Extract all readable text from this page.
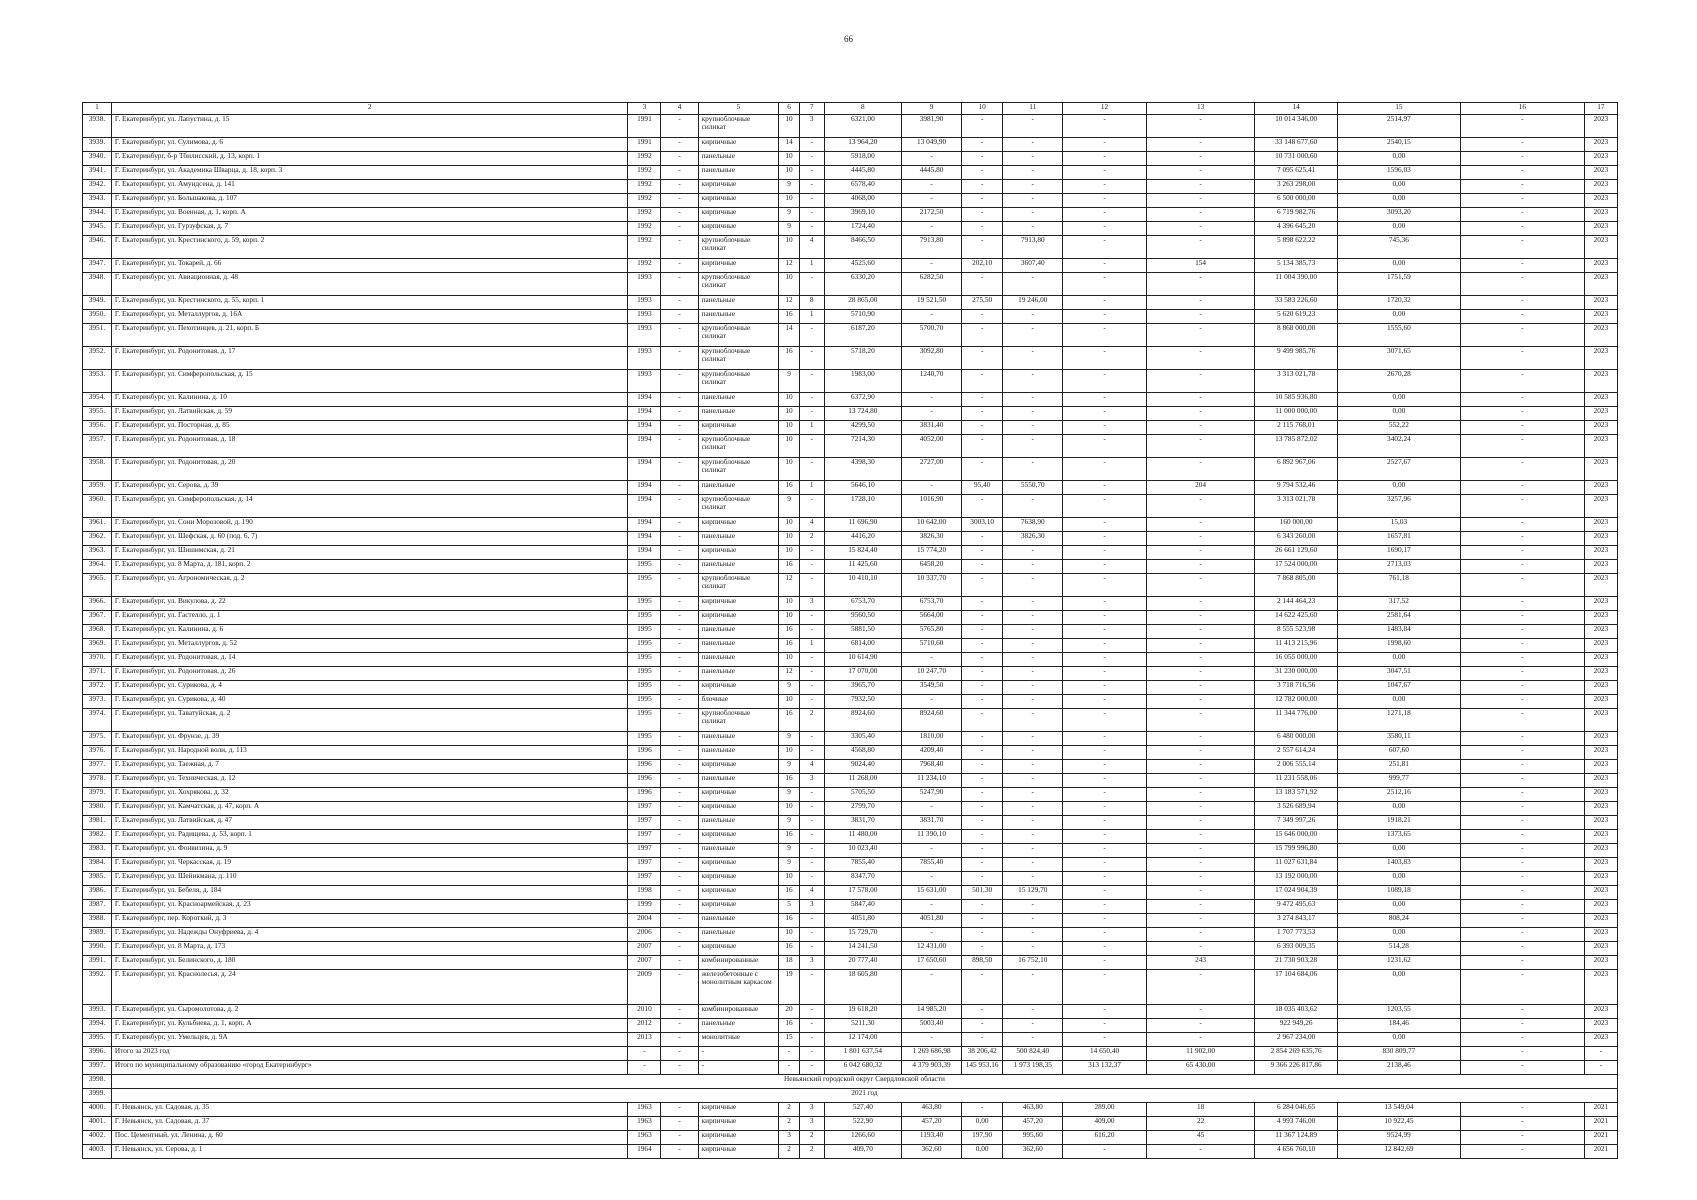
66
1	2	3	4	5	6	7	8	9	10	11	12	13	14	15	16	17
3938.	Г. Екатеринбург, ул. Лапустина, д. 15	1991	-	крупноблочные силикат	10	3	6321,00	3981,90	-	-	-	-	10 014 346,00	2514,97	-	2023
3939.	Г. Екатеринбург, ул. Сулимова, д. 6	1991	-	кирпичные	14	-	13 964,20	13 049,90	-	-	-	-	33 148 677,60	2540,15	-	2023
3940.	Г. Екатеринбург, б-р Тбилисский, д. 13, корп. 1	1992	-	панельные	10	-	5918,00	-	-	-	-	-	10 731 000,60	0,00	-	2023
3941.	Г. Екатеринбург, ул. Академика Шварца, д. 18, корп. 3	1992	-	панельные	10	-	4445,80	4445,80	-	-	-	-	7 095 625,41	1596,03	-	2023
3942.	Г. Екатеринбург, ул. Амундсена, д. 141	1992	-	кирпичные	9	-	6578,40	-	-	-	-	-	3 263 298,00	0,00	-	2023
3943.	Г. Екатеринбург, ул. Большакова, д. 107	1992	-	кирпичные	10	-	4068,00	-	-	-	-	-	6 500 000,00	0,00	-	2023
3944.	Г. Екатеринбург, ул. Военная, д. 1, корп. А	1992	-	кирпичные	9	-	3969,10	2172,50	-	-	-	-	6 719 982,76	3093,20	-	2023
3945.	Г. Екатеринбург, ул. Гурзуфская, д. 7	1992	-	кирпичные	9	-	1724,40	-	-	-	-	-	4 396 645,20	0,00	-	2023
3946.	Г. Екатеринбург, ул. Крестинского, д. 59, корп. 2	1992	-	крупноблочные силикат	10	4	8466,50	7913,80	-	7913,80	-	-	5 898 622,22	745,36	-	2023
3947.	Г. Екатеринбург, ул. Токарей, д. 66	1992	-	кирпичные	12	1	4525,60	-	202,10	3607,40	-	154	5 134 385,73	0,00	-	2023
3948.	Г. Екатеринбург, ул. Авиационная, д. 48	1993	-	крупноблочные силикат	10	-	6330,20	6282,50	-	-	-	-	11 004 390,00	1751,59	-	2023
3949.	Г. Екатеринбург, ул. Крестинского, д. 55, корп. 1	1993	-	панельные	12	8	28 865,00	19 521,50	275,50	19 246,00	-	-	33 583 226,60	1720,32	-	2023
3950.	Г. Екатеринбург, ул. Металлургов, д. 16А	1993	-	панельные	16	1	5710,90	-	-	-	-	-	5 620 619,23	0,00	-	2023
3951.	Г. Екатеринбург, ул. Пехотинцев, д. 21, корп. Б	1993	-	крупноблочные силикат	14	-	6187,20	5700,70	-	-	-	-	8 868 000,00	1555,60	-	2023
3952.	Г. Екатеринбург, ул. Родонитовая, д. 17	1993	-	крупноблочные силикат	16	-	5718,20	3092,80	-	-	-	-	9 499 985,76	3071,65	-	2023
3953.	Г. Екатеринбург, ул. Симферопольская, д. 15	1993	-	крупноблочные силикат	9	-	1983,00	1240,70	-	-	-	-	3 313 021,78	2670,28	-	2023
3954.	Г. Екатеринбург, ул. Калинина, д. 10	1994	-	панельные	10	-	6372,90	-	-	-	-	-	10 585 936,80	0,00	-	2023
3955.	Г. Екатеринбург, ул. Латвийская, д. 59	1994	-	панельные	10	-	13 724,80	-	-	-	-	-	11 000 000,00	0,00	-	2023
3956.	Г. Екатеринбург, ул. Посторная, д. 85	1994	-	кирпичные	10	1	4299,50	3831,40	-	-	-	-	2 115 768,01	552,22	-	2023
3957.	Г. Екатеринбург, ул. Родонитовая, д. 18	1994	-	крупноблочные силикат	10	-	7214,30	4052,00	-	-	-	-	13 785 872,02	3402,24	-	2023
3958.	Г. Екатеринбург, ул. Родонитовая, д. 20	1994	-	крупноблочные силикат	10	-	4398,30	2727,00	-	-	-	-	6 892 967,06	2527,67	-	2023
3959.	Г. Екатеринбург, ул. Серова, д. 39	1994	-	панельные	16	1	5646,10	-	95,40	5550,70	-	204	9 794 532,46	0,00	-	2023
3960.	Г. Екатеринбург, ул. Симферопольская, д. 14	1994	-	крупноблочные силикат	9	-	1728,10	1016,90	-	-	-	-	3 313 021,78	3257,96	-	2023
3961.	Г. Екатеринбург, ул. Сони Морозовой, д. 190	1994	-	кирпичные	10	4	11 696,90	10 642,00	3003,10	7638,90	-	-	160 000,00	15,03	-	2023
3962.	Г. Екатеринбург, ул. Шефская, д. 60 (под. 6, 7)	1994	-	панельные	10	2	4416,20	3826,30	-	3826,30	-	-	6 343 260,00	1657,81	-	2023
3963.	Г. Екатеринбург, ул. Шишимская, д. 21	1994	-	кирпичные	10	-	15 824,40	15 774,20	-	-	-	-	26 661 129,60	1690,17	-	2023
3964.	Г. Екатеринбург, ул. 8 Марта, д. 181, корп. 2	1995	-	панельные	16	-	11 425,60	6458,20	-	-	-	-	17 524 000,00	2713,03	-	2023
3965.	Г. Екатеринбург, ул. Агрономическая, д. 2	1995	-	крупноблочные силикат	12	-	10 410,10	10 337,70	-	-	-	-	7 868 805,00	761,18	-	2023
3966.	Г. Екатеринбург, ул. Викулова, д. 22	1995	-	кирпичные	10	3	6753,70	6753,70	-	-	-	-	2 144 464,23	317,52	-	2023
3967.	Г. Екатеринбург, ул. Гастелло, д. 1	1995	-	кирпичные	10	-	9560,50	5664,00	-	-	-	-	14 622 425,60	2581,64	-	2023
3968.	Г. Екатеринбург, ул. Калинина, д. 6	1995	-	панельные	16	-	5881,50	5765,80	-	-	-	-	8 555 523,98	1483,84	-	2023
3969.	Г. Екатеринбург, ул. Металлургов, д. 52	1995	-	панельные	16	1	6814,00	5710,60	-	-	-	-	11 413 215,96	1998,60	-	2023
3970.	Г. Екатеринбург, ул. Родонитовая, д. 14	1995	-	панельные	10	-	10 614,90	-	-	-	-	-	16 055 000,00	0,00	-	2023
3971.	Г. Екатеринбург, ул. Родонитовая, д. 26	1995	-	панельные	12	-	17 070,00	10 247,70	-	-	-	-	31 230 000,00	3047,51	-	2023
3972.	Г. Екатеринбург, ул. Сурикова, д. 4	1995	-	кирпичные	9	-	3965,70	3549,50	-	-	-	-	3 718 716,56	1047,67	-	2023
3973.	Г. Екатеринбург, ул. Сурикова, д. 40	1995	-	блочные	10	-	7932,50	-	-	-	-	-	12 782 000,00	0,00	-	2023
3974.	Г. Екатеринбург, ул. Таватуйская, д. 2	1995	-	крупноблочные силикат	16	2	8924,60	8924,60	-	-	-	-	11 344 776,00	1271,18	-	2023
3975.	Г. Екатеринбург, ул. Фрунзе, д. 39	1995	-	панельные	9	-	3305,40	1810,00	-	-	-	-	6 480 000,00	3580,11	-	2023
3976.	Г. Екатеринбург, ул. Народной воли, д. 113	1996	-	панельные	10	-	4568,80	4209,40	-	-	-	-	2 557 614,24	607,60	-	2023
3977.	Г. Екатеринбург, ул. Таежная, д. 7	1996	-	кирпичные	9	4	9024,40	7968,40	-	-	-	-	2 006 555,14	251,81	-	2023
3978.	Г. Екатеринбург, ул. Техническая, д. 12	1996	-	панельные	16	3	11 268,00	11 234,10	-	-	-	-	11 231 558,06	999,77	-	2023
3979.	Г. Екатеринбург, ул. Хохрякова, д. 32	1996	-	кирпичные	9	-	5705,50	5247,90	-	-	-	-	13 183 571,92	2512,16	-	2023
3980.	Г. Екатеринбург, ул. Камчатская, д. 47, корп. А	1997	-	кирпичные	10	-	2799,70	-	-	-	-	-	3 526 689,94	0,00	-	2023
3981.	Г. Екатеринбург, ул. Латвийская, д. 47	1997	-	панельные	9	-	3831,70	3831,70	-	-	-	-	7 349 997,26	1918,21	-	2023
3982.	Г. Екатеринбург, ул. Радищева, д. 53, корп. 1	1997	-	кирпичные	16	-	11 480,00	11 390,10	-	-	-	-	15 646 000,00	1373,65	-	2023
3983.	Г. Екатеринбург, ул. Фонвизина, д. 9	1997	-	панельные	9	-	10 023,40	-	-	-	-	-	15 799 996,80	0,00	-	2023
3984.	Г. Екатеринбург, ул. Черкасская, д. 19	1997	-	кирпичные	9	-	7855,40	7855,40	-	-	-	-	11 027 631,84	1403,83	-	2023
3985.	Г. Екатеринбург, ул. Шейнкмана, д. 110	1997	-	кирпичные	10	-	8347,70	-	-	-	-	-	13 192 000,00	0,00	-	2023
3986.	Г. Екатеринбург, ул. Бебеля, д. 184	1998	-	кирпичные	16	4	17 578,00	15 631,00	501,30	15 129,70	-	-	17 024 904,39	1089,18	-	2023
3987.	Г. Екатеринбург, ул. Красноармейская, д. 23	1999	-	кирпичные	5	3	5847,40	-	-	-	-	-	9 472 495,63	0,00	-	2023
3988.	Г. Екатеринбург, пер. Короткий, д. 3	2004	-	панельные	16	-	4051,80	4051,80	-	-	-	-	3 274 843,17	808,24	-	2023
3989.	Г. Екатеринбург, ул. Надежды Онуфриева, д. 4	2006	-	панельные	10	-	15 729,70	-	-	-	-	-	1 707 773,53	0,00	-	2023
3990.	Г. Екатеринбург, ул. 8 Марта, д. 173	2007	-	кирпичные	16	-	14 241,50	12 431,00	-	-	-	-	6 393 009,35	514,28	-	2023
3991.	Г. Екатеринбург, ул. Белинского, д. 180	2007	-	комбинированные	18	3	20 777,40	17 650,60	898,50	16 752,10	-	243	21 730 903,28	1231,62	-	2023
3992.	Г. Екатеринбург, ул. Краснолесья, д. 24	2009	-	железобетонные с монолитным каркасом	19	-	18 605,80	-	-	-	-	-	17 104 684,06	0,00	-	2023
3993.	Г. Екатеринбург, ул. Сыромолотова, д. 2	2010	-	комбинированные	20	-	19 618,20	14 985,20	-	-	-	-	18 035 403,62	1203,55	-	2023
3994.	Г. Екатеринбург, ул. Кульбиева, д. 1, корп. А	2012	-	панельные	16	-	5211,30	5003,40	-	-	-	-	922 949,26	184,46	-	2023
3995.	Г. Екатеринбург, ул. Умельцев, д. 9А	2013	-	монолитные	15	-	12 174,00	-	-	-	-	-	2 967 234,00	0,00	-	2023
3996.	Итого за 2023 год	-	-	-	-	-	1 801 637,54	1 269 686,98	38 206,42	500 824,40	14 650,40	11 902,00	2 854 269 635,76	830 809,77	-	-
3997.	Итого по муниципальному образованию «город Екатеринбург»	-	-	-	-	-	6 042 680,32	4 379 903,39	145 953,16	1 973 198,35	313 132,37	65 430,00	9 366 226 817,86	2138,46	-	-
3998.	Невьянский городской округ Свердловской области															
3999.	2021 год															
4000.	Г. Невьянск, ул. Садовая, д. 35	1963	-	кирпичные	2	3	527,40	463,80	-	463,80	289,00	18	6 284 046,65	13 549,04	-	2021
4001.	Г. Невьянск, ул. Садовая, д. 37	1963	-	кирпичные	2	3	522,90	457,20	0,00	457,20	409,00	22	4 993 746,00	10 922,45	-	2021
4002.	Пос. Цементный, ул. Ленина, д. 60	1963	-	кирпичные	3	2	1266,60	1193,40	197,90	995,60	616,20	45	11 367 124,89	9524,99	-	2021
4003.	Г. Невьянск, ул. Серова, д. 1	1964	-	кирпичные	2	2	409,70	362,60	0,00	362,60	-	-	4 656 760,10	12 842,69	-	2021
